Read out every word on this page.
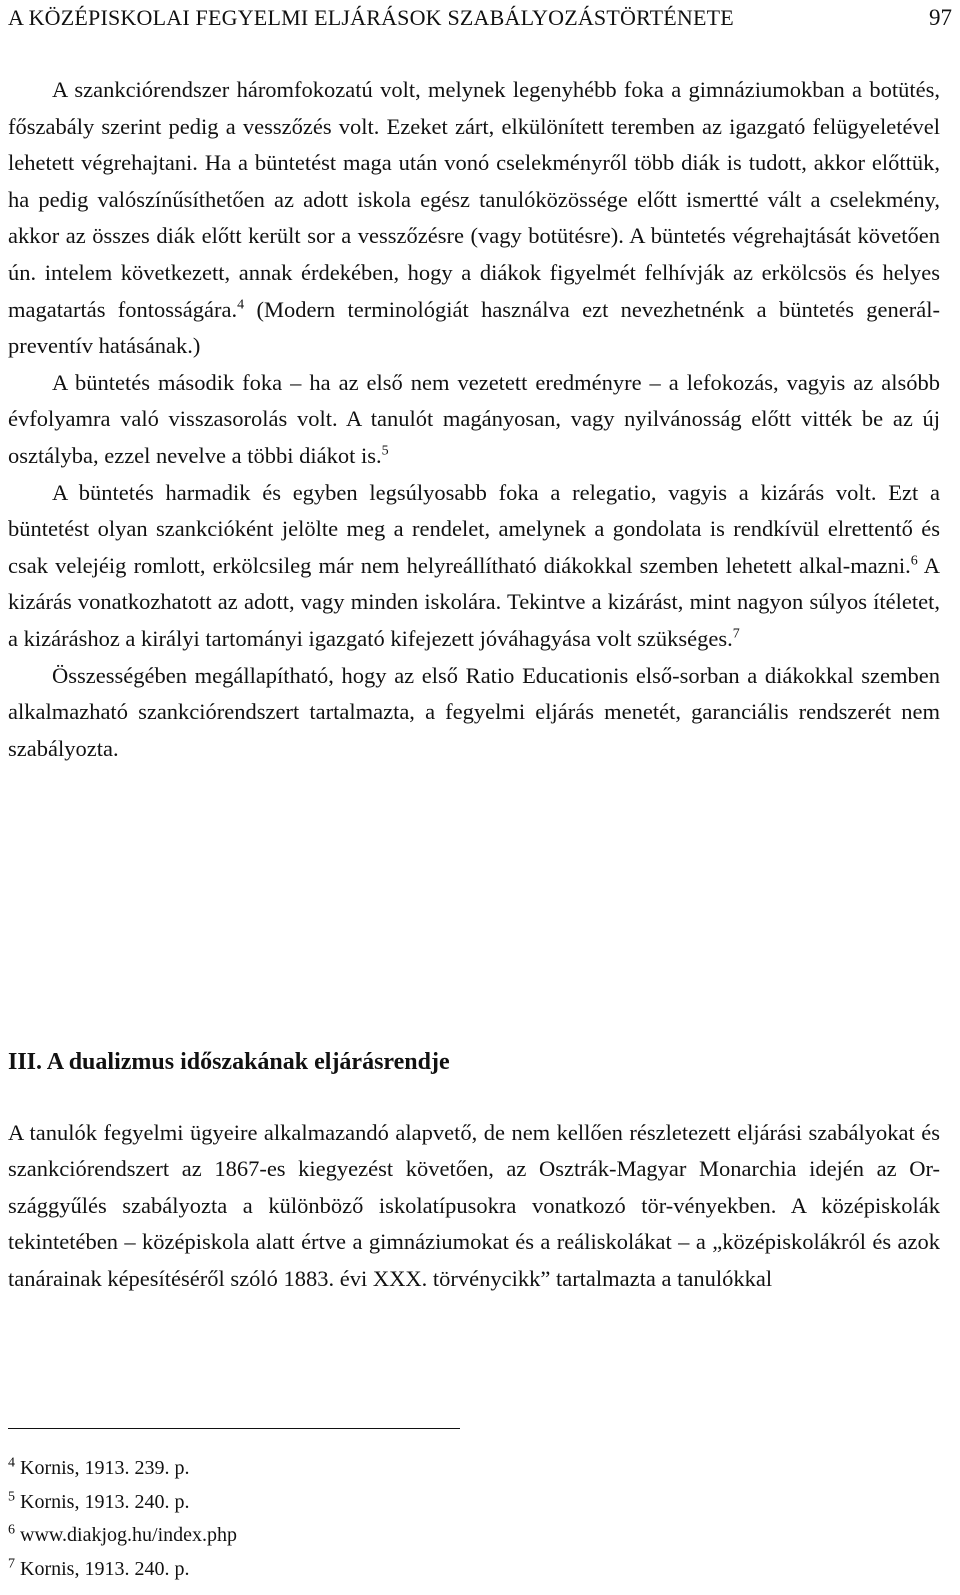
A KÖZÉPISKOLAI FEGYELMI ELJÁRÁSOK SZABÁLYOZÁSTÖRTÉNETE	97

A szankciórendszer háromfokozatú volt, melynek legenyhébb foka a gimnáziumokban a botütés, főszabály szerint pedig a vesszőzés volt. Ezeket zárt, elkülönített teremben az igazgató felügyeletével lehetett végrehajtani. Ha a büntetést maga után vonó cselekményről több diák is tudott, akkor előttük, ha pedig valószínűsíthetően az adott iskola egész tanulóközössége előtt ismertté vált a cselekmény, akkor az összes diák előtt került sor a vesszőzésre (vagy botütésre). A büntetés végrehajtását követően ún. intelem következett, annak érdekében, hogy a diákok figyelmét felhívják az erkölcsös és helyes magatartás fontosságára.$^4$ (Modern terminológiát használva ezt nevezhetnénk a büntetés generál-preventív hatásának.)

A büntetés második foka – ha az első nem vezetett eredményre – a lefokozás, vagyis az alsóbb évfolyamra való visszasorolás volt. A tanulót magányosan, vagy nyilvánosság előtt vitték be az új osztályba, ezzel nevelve a többi diákot is.$^5$

A büntetés harmadik és egyben legsúlyosabb foka a relegatio, vagyis a kizárás volt. Ezt a büntetést olyan szankcióként jelölte meg a rendelet, amelynek a gondolata is rendkívül elrettentő és csak velejéig romlott, erkölcsileg már nem helyreállítható diákokkal szemben lehetett alkal-mazni.$^6$ A kizárás vonatkozhatott az adott, vagy minden iskolára. Tekintve a kizárást, mint nagyon súlyos ítéletet, a kizáráshoz a királyi tartományi igazgató kifejezett jóváhagyása volt szükséges.$^7$

Összességében megállapítható, hogy az első Ratio Educationis első-sorban a diákokkal szemben alkalmazható szankciórendszert tartalmazta, a fegyelmi eljárás menetét, garanciális rendszerét nem szabályozta.

III. A dualizmus időszakának eljárásrendje

A tanulók fegyelmi ügyeire alkalmazandó alapvető, de nem kellően részletezett eljárási szabályokat és szankciórendszert az 1867-es kiegyezést követően, az Osztrák-Magyar Monarchia idején az Or-szággyűlés szabályozta a különböző iskolatípusokra vonatkozó tör-vényekben. A középiskolák tekintetében – középiskola alatt értve a gimnáziumokat és a reáliskolákat – a „középiskolákról és azok tanárainak képesítéséről szóló 1883. évi XXX. törvénycikk” tartalmazta a tanulókkal

$^4$ Kornis, 1913. 239. p.

$^5$ Kornis, 1913. 240. p.

$^6$ www.diakjog.hu/index.php

$^7$ Kornis, 1913. 240. p.
